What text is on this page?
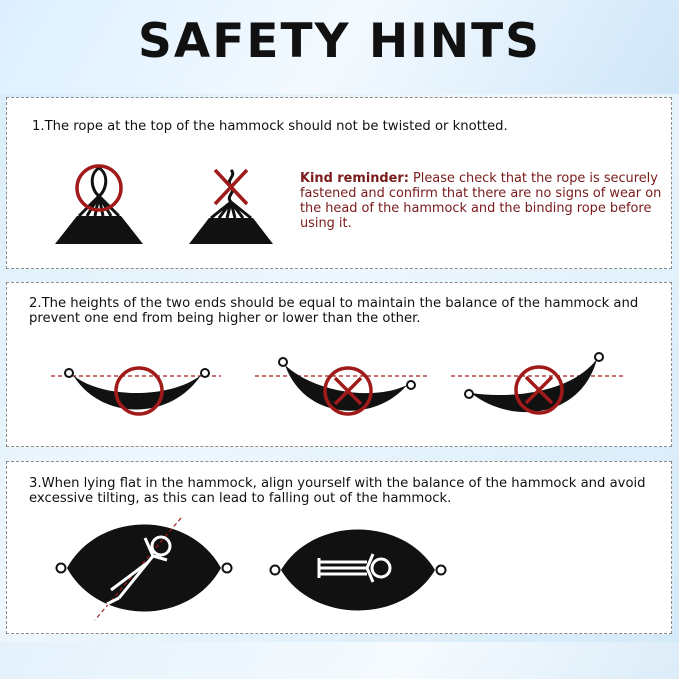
SAFETY HINTS
1.The rope at the top of the hammock should not be twisted or knotted.
Kind reminder: Please check that the rope is securely fastened and confirm that there are no signs of wear on the head of the hammock and the binding rope before using it.
2.The heights of the two ends should be equal to maintain the balance of the hammock and prevent one end from being higher or lower than the other.
3.When lying flat in the hammock, align yourself with the balance of the hammock and avoid excessive tilting, as this can lead to falling out of the hammock.
